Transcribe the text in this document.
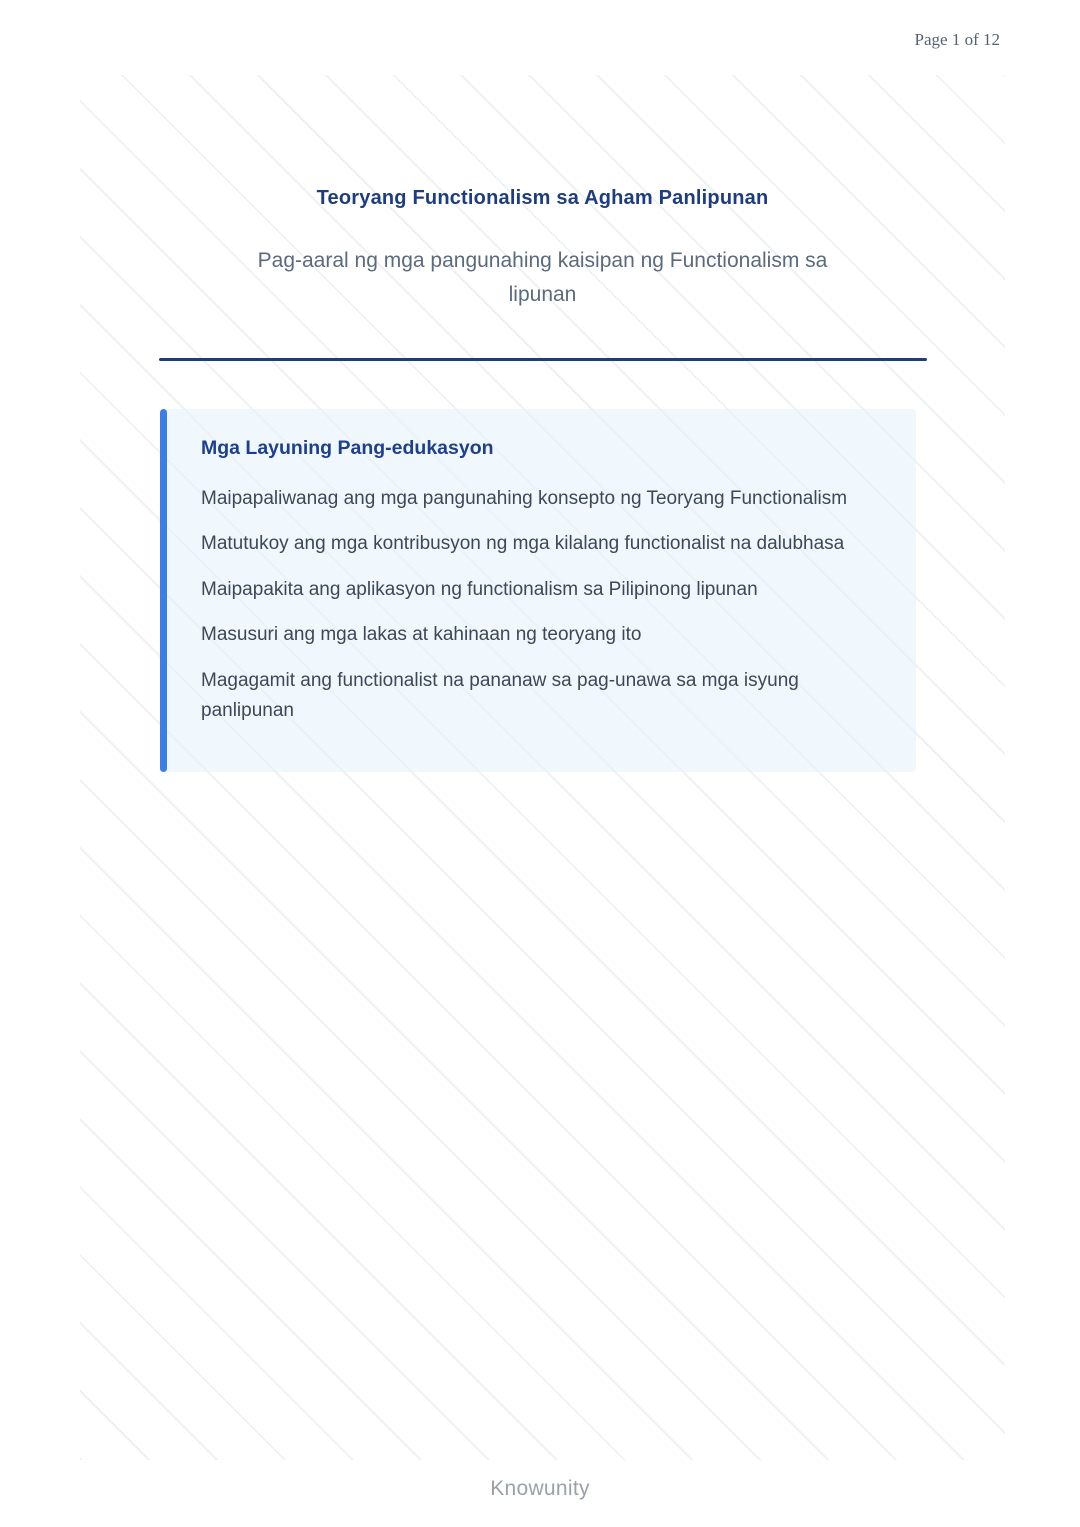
Page 1 of 12
Teoryang Functionalism sa Agham Panlipunan
Pag-aaral ng mga pangunahing kaisipan ng Functionalism sa lipunan
Mga Layuning Pang-edukasyon

Maipapaliwanag ang mga pangunahing konsepto ng Teoryang Functionalism

Matutukoy ang mga kontribusyon ng mga kilalang functionalist na dalubhasa

Maipapakita ang aplikasyon ng functionalism sa Pilipinong lipunan

Masusuri ang mga lakas at kahinaan ng teoryang ito

Magagamit ang functionalist na pananaw sa pag-unawa sa mga isyung panlipunan

Knowunity
